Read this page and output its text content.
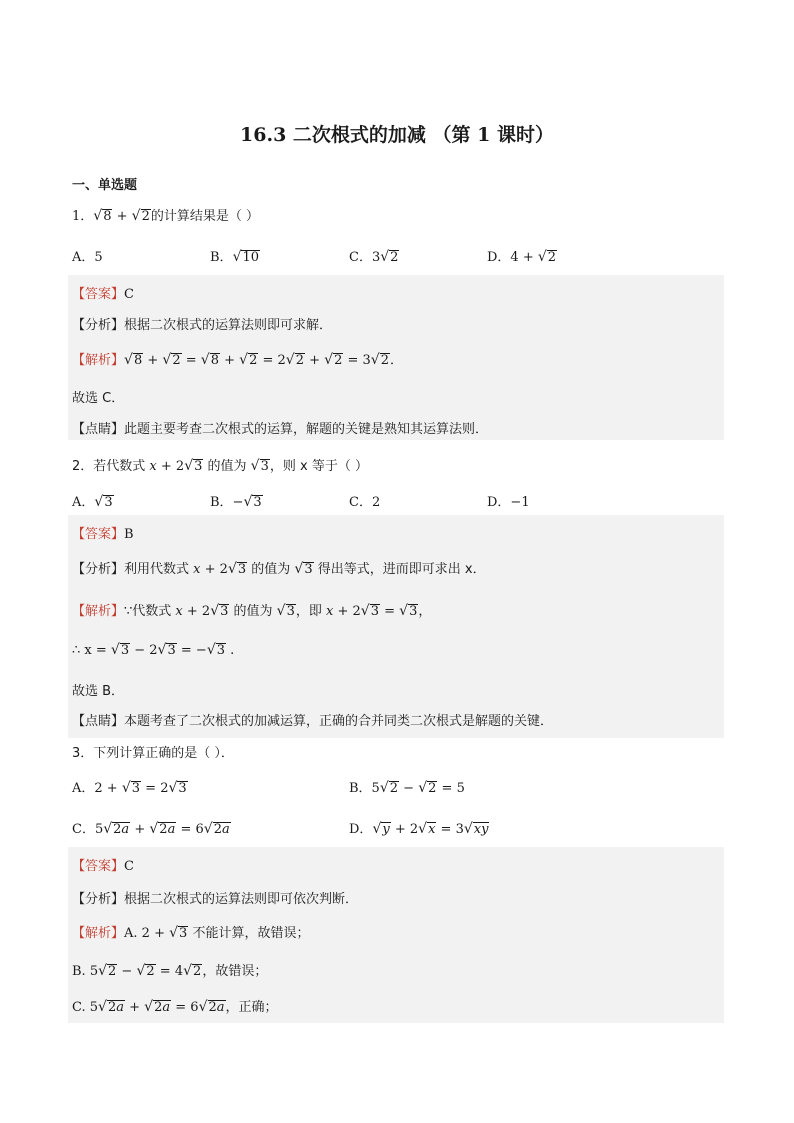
16.3 二次根式的加减 （第 1 课时）
一、单选题
1．√8 + √2的计算结果是（ ）
A．5	B．√10	C．3√2	D．4 + √2
【答案】C
【分析】根据二次根式的运算法则即可求解．
【解析】√8 + √2 = √8 + √2 = 2√2 + √2 = 3√2．
故选 C．
【点睛】此题主要考查二次根式的运算，解题的关键是熟知其运算法则．
2．若代数式 x + 2√3 的值为 √3，则 x 等于（ ）
A．√3	B．−√3	C．2	D．−1
【答案】B
【分析】利用代数式 x + 2√3 的值为 √3 得出等式，进而即可求出 x．
【解析】∵代数式 x + 2√3 的值为 √3，即 x + 2√3 = √3，
∴ x = √3 − 2√3 = −√3 .
故选 B．
【点睛】本题考查了二次根式的加减运算，正确的合并同类二次根式是解题的关键．
3．下列计算正确的是（ ）．
A．2 + √3 = 2√3	B．5√2 − √2 = 5
C．5√2a + √2a = 6√2a	D．√y + 2√x = 3√xy
【答案】C
【分析】根据二次根式的运算法则即可依次判断．
【解析】A. 2 + √3 不能计算，故错误；
B. 5√2 − √2 = 4√2，故错误；
C. 5√2a + √2a = 6√2a，正确；
